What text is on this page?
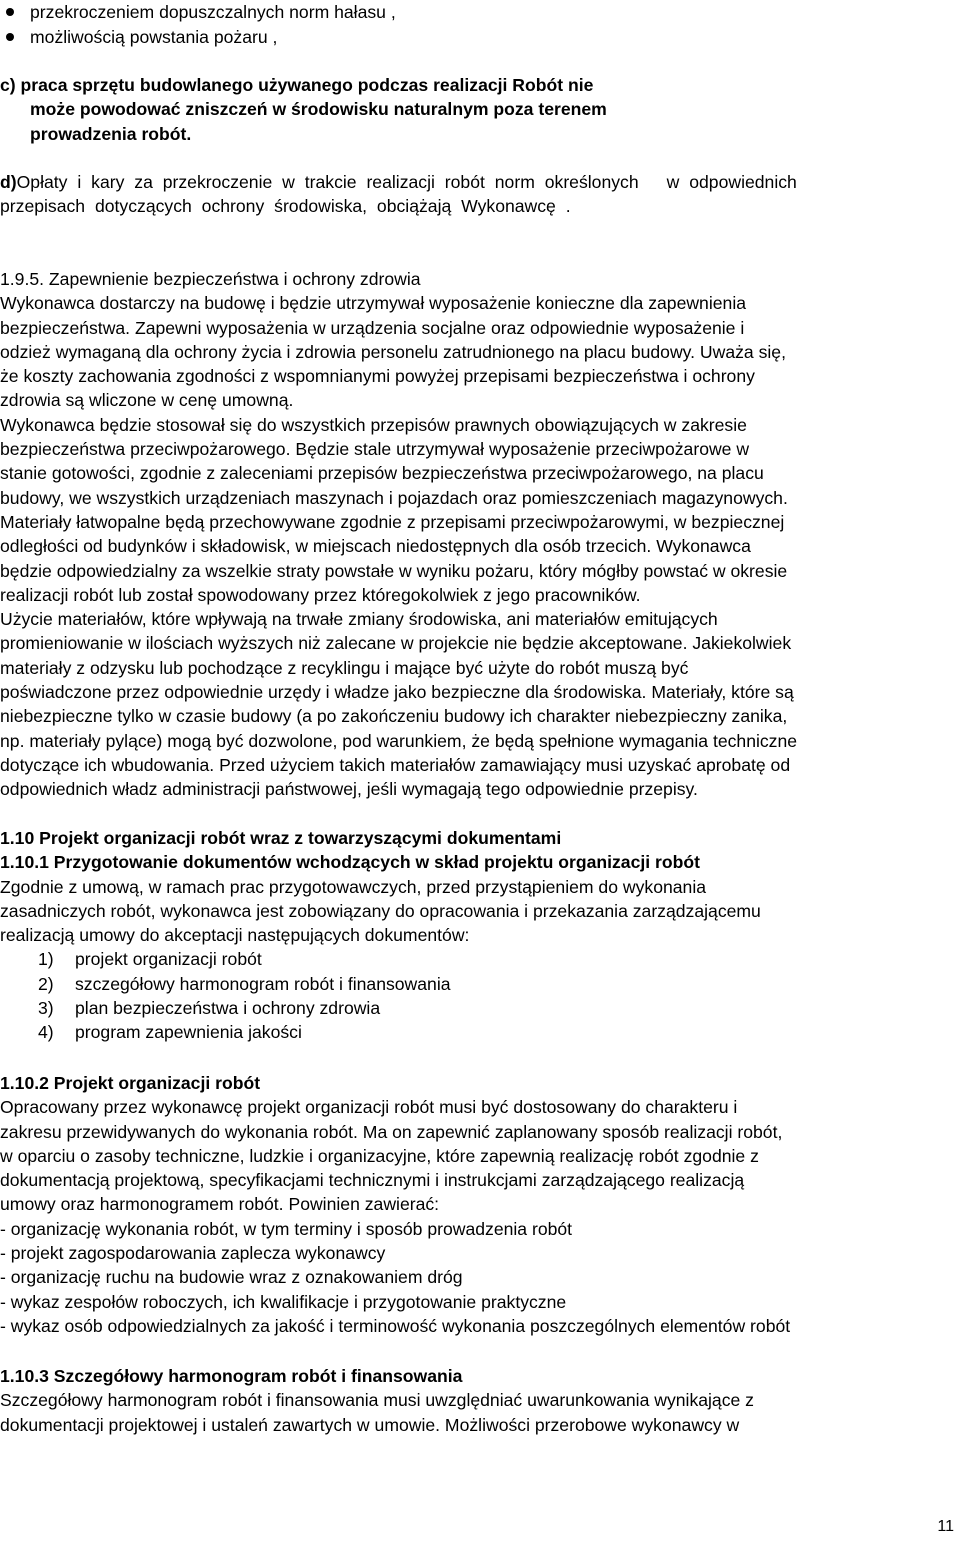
przekroczeniem dopuszczalnych norm hałasu ,
możliwością powstania pożaru ,
c) praca sprzętu budowlanego używanego podczas realizacji Robót nie
może powodować zniszczeń w środowisku naturalnym poza terenem
prowadzenia robót.
d)Opłaty i kary za przekroczenie w trakcie realizacji robót norm określonych w odpowiednich
przepisach dotyczących ochrony środowiska, obciążają Wykonawcę .
1.9.5. Zapewnienie bezpieczeństwa i ochrony zdrowia
Wykonawca dostarczy na budowę i będzie utrzymywał wyposażenie konieczne dla zapewnienia
bezpieczeństwa. Zapewni wyposażenia w urządzenia socjalne oraz odpowiednie wyposażenie i
odzież wymaganą dla ochrony życia i zdrowia personelu zatrudnionego na placu budowy. Uważa się,
że koszty zachowania zgodności z wspomnianymi powyżej przepisami bezpieczeństwa i ochrony
zdrowia są wliczone w cenę umowną.
Wykonawca będzie stosował się do wszystkich przepisów prawnych obowiązujących w zakresie
bezpieczeństwa przeciwpożarowego. Będzie stale utrzymywał wyposażenie przeciwpożarowe w
stanie gotowości, zgodnie z zaleceniami przepisów bezpieczeństwa przeciwpożarowego, na placu
budowy, we wszystkich urządzeniach maszynach i pojazdach oraz pomieszczeniach magazynowych.
Materiały łatwopalne będą przechowywane zgodnie z przepisami przeciwpożarowymi, w bezpiecznej
odległości od budynków i składowisk, w miejscach niedostępnych dla osób trzecich. Wykonawca
będzie odpowiedzialny za wszelkie straty powstałe w wyniku pożaru, który mógłby powstać w okresie
realizacji robót lub został spowodowany przez któregokolwiek z jego pracowników.
Użycie materiałów, które wpływają na trwałe zmiany środowiska, ani materiałów emitujących
promieniowanie w ilościach wyższych niż zalecane w projekcie nie będzie akceptowane. Jakiekolwiek
materiały z odzysku lub pochodzące z recyklingu i mające być użyte do robót muszą być
poświadczone przez odpowiednie urzędy i władze jako bezpieczne dla środowiska. Materiały, które są
niebezpieczne tylko w czasie budowy (a po zakończeniu budowy ich charakter niebezpieczny zanika,
np. materiały pylące) mogą być dozwolone, pod warunkiem, że będą spełnione wymagania techniczne
dotyczące ich wbudowania. Przed użyciem takich materiałów zamawiający musi uzyskać aprobatę od
odpowiednich władz administracji państwowej, jeśli wymagają tego odpowiednie przepisy.
1.10 Projekt organizacji robót wraz z towarzyszącymi dokumentami
1.10.1 Przygotowanie dokumentów wchodzących w skład projektu organizacji robót
Zgodnie z umową, w ramach prac przygotowawczych, przed przystąpieniem do wykonania
zasadniczych robót, wykonawca jest zobowiązany do opracowania i przekazania zarządzającemu
realizacją umowy do akceptacji następujących dokumentów:
1) projekt organizacji robót
2) szczegółowy harmonogram robót i finansowania
3) plan bezpieczeństwa i ochrony zdrowia
4) program zapewnienia jakości
1.10.2 Projekt organizacji robót
Opracowany przez wykonawcę projekt organizacji robót musi być dostosowany do charakteru i
zakresu przewidywanych do wykonania robót. Ma on zapewnić zaplanowany sposób realizacji robót,
w oparciu o zasoby techniczne, ludzkie i organizacyjne, które zapewnią realizację robót zgodnie z
dokumentacją projektową, specyfikacjami technicznymi i instrukcjami zarządzającego realizacją
umowy oraz harmonogramem robót. Powinien zawierać:
- organizację wykonania robót, w tym terminy i sposób prowadzenia robót
- projekt zagospodarowania zaplecza wykonawcy
- organizację ruchu na budowie wraz z oznakowaniem dróg
- wykaz zespołów roboczych, ich kwalifikacje i przygotowanie praktyczne
- wykaz osób odpowiedzialnych za jakość i terminowość wykonania poszczególnych elementów robót
1.10.3 Szczegółowy harmonogram robót i finansowania
Szczegółowy harmonogram robót i finansowania musi uwzględniać uwarunkowania wynikające z
dokumentacji projektowej i ustaleń zawartych w umowie. Możliwości przerobowe wykonawcy w
11
